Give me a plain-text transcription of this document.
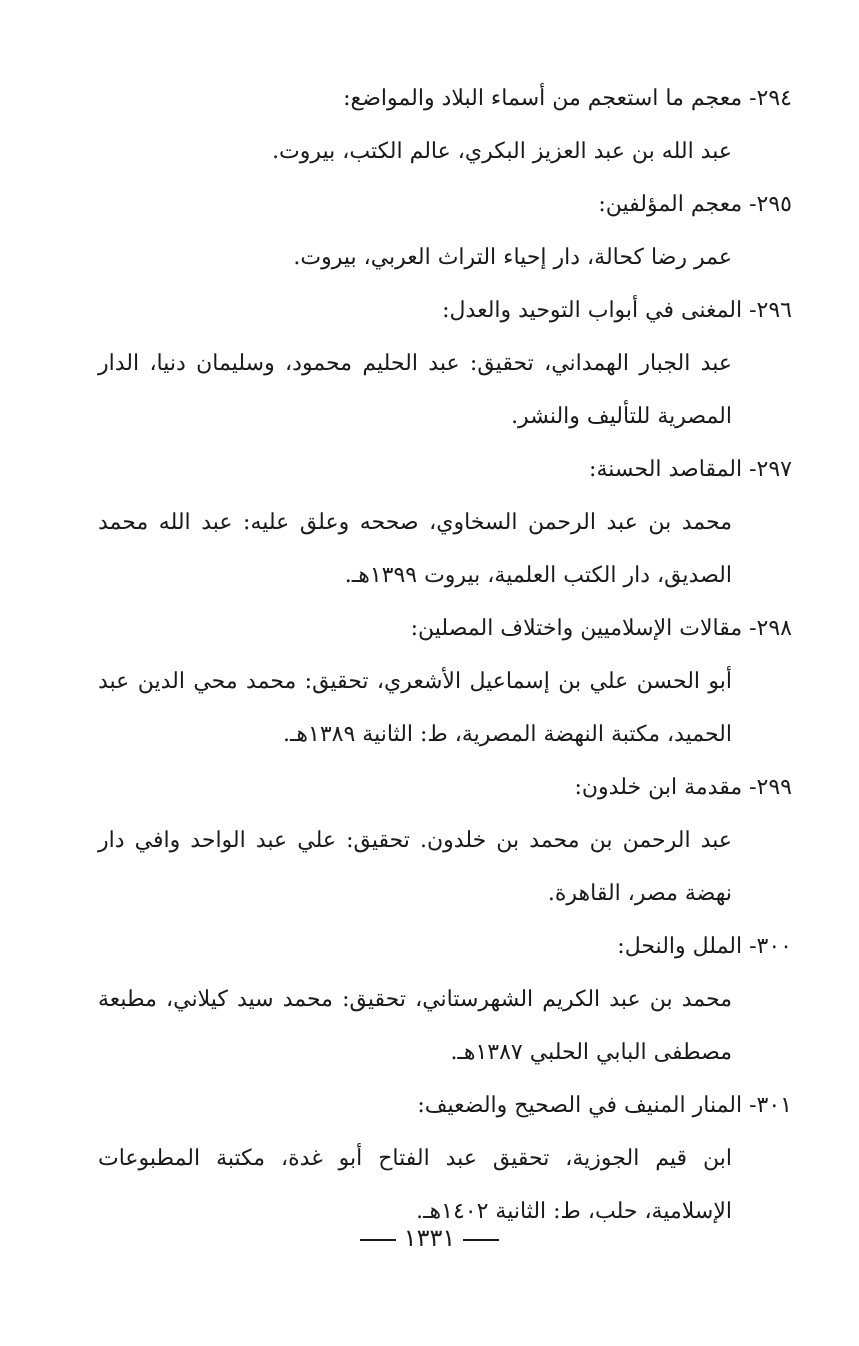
٢٩٤- معجم ما استعجم من أسماء البلاد والمواضع:
عبد الله بن عبد العزيز البكري، عالم الكتب، بيروت.
٢٩٥- معجم المؤلفين:
عمر رضا كحالة، دار إحياء التراث العربي، بيروت.
٢٩٦- المغنى في أبواب التوحيد والعدل:
عبد الجبار الهمداني، تحقيق: عبد الحليم محمود، وسليمان دنيا، الدار المصرية للتأليف والنشر.
٢٩٧- المقاصد الحسنة:
محمد بن عبد الرحمن السخاوي، صححه وعلق عليه: عبد الله محمد الصديق، دار الكتب العلمية، بيروت ١٣٩٩هـ.
٢٩٨- مقالات الإسلاميين واختلاف المصلين:
أبو الحسن علي بن إسماعيل الأشعري، تحقيق: محمد محي الدين عبد الحميد، مكتبة النهضة المصرية، ط: الثانية ١٣٨٩هـ.
٢٩٩- مقدمة ابن خلدون:
عبد الرحمن بن محمد بن خلدون. تحقيق: علي عبد الواحد وافي دار نهضة مصر، القاهرة.
٣٠٠- الملل والنحل:
محمد بن عبد الكريم الشهرستاني، تحقيق: محمد سيد كيلاني، مطبعة مصطفى البابي الحلبي ١٣٨٧هـ.
٣٠١- المنار المنيف في الصحيح والضعيف:
ابن قيم الجوزية، تحقيق عبد الفتاح أبو غدة، مكتبة المطبوعات الإسلامية، حلب، ط: الثانية ١٤٠٢هـ.
١٣٣١
